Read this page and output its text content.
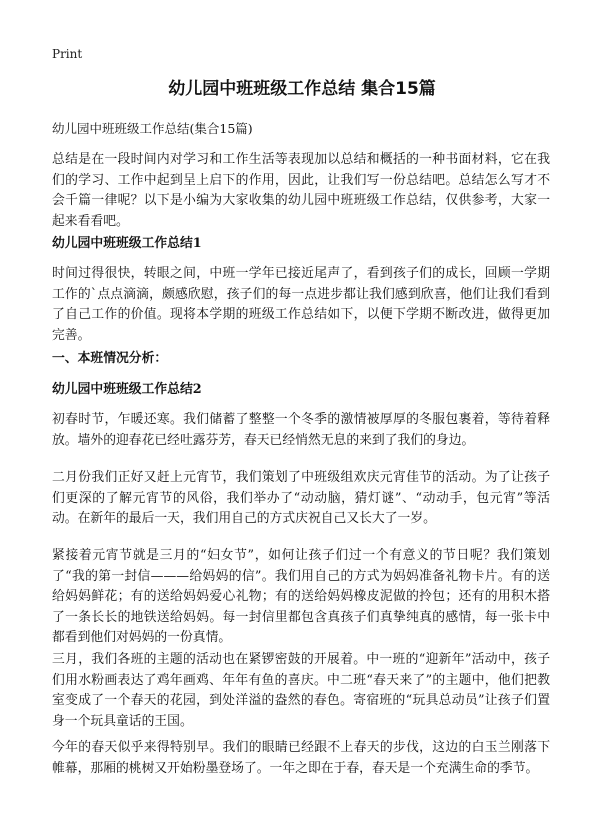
Print
幼儿园中班班级工作总结 集合15篇

幼儿园中班班级工作总结(集合15篇)

总结是在一段时间内对学习和工作生活等表现加以总结和概括的一种书面材料，它在我们的学习、工作中起到呈上启下的作用，因此，让我们写一份总结吧。总结怎么写才不会千篇一律呢？以下是小编为大家收集的幼儿园中班班级工作总结，仅供参考，大家一起来看看吧。

幼儿园中班班级工作总结1

时间过得很快，转眼之间，中班一学年已接近尾声了，看到孩子们的成长，回顾一学期工作的`点点滴滴，颇感欣慰，孩子们的每一点进步都让我们感到欣喜，他们让我们看到了自己工作的价值。现将本学期的班级工作总结如下，以便下学期不断改进，做得更加完善。

一、本班情况分析：

幼儿园中班班级工作总结2

初春时节，乍暖还寒。我们储蓄了整整一个冬季的激情被厚厚的冬服包裹着，等待着释放。墙外的迎春花已经吐露芬芳，春天已经悄然无息的来到了我们的身边。

二月份我们正好又赶上元宵节，我们策划了中班级组欢庆元宵佳节的活动。为了让孩子们更深的了解元宵节的风俗，我们举办了“动动脑，猜灯谜”、“动动手，包元宵”等活动。在新年的最后一天，我们用自己的方式庆祝自己又长大了一岁。

紧接着元宵节就是三月的“妇女节”，如何让孩子们过一个有意义的节日呢？我们策划了“我的第一封信———给妈妈的信”。我们用自己的方式为妈妈准备礼物卡片。有的送给妈妈鲜花；有的送给妈妈爱心礼物；有的送给妈妈橡皮泥做的拎包；还有的用积木搭了一条长长的地铁送给妈妈。每一封信里都包含真孩子们真挚纯真的感情，每一张卡中都看到他们对妈妈的一份真情。

三月，我们各班的主题的活动也在紧锣密鼓的开展着。中一班的“迎新年”活动中，孩子们用水粉画表达了鸡年画鸡、年年有鱼的喜庆。中二班“春天来了”的主题中，他们把教室变成了一个春天的花园，到处洋溢的盎然的春色。寄宿班的“玩具总动员”让孩子们置身一个玩具童话的王国。

今年的春天似乎来得特别早。我们的眼睛已经跟不上春天的步伐，这边的白玉兰刚落下帷幕，那厢的桃树又开始粉墨登场了。一年之即在于春，春天是一个充满生命的季节。
